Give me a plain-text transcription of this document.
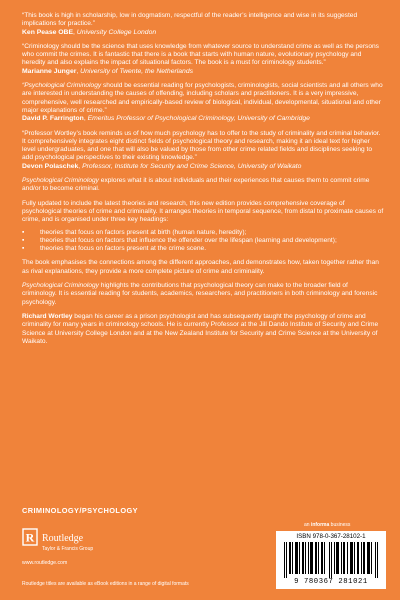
“This book is high in scholarship, low in dogmatism, respectful of the reader’s intelligence and wise in its suggested implications for practice.”
Ken Pease OBE, University College London

“Criminology should be the science that uses knowledge from whatever source to understand crime as well as the persons who commit the crimes. It is fantastic that there is a book that starts with human nature, evolutionary psychology and heredity and also explains the impact of situational factors. The book is a must for criminology students.”
Marianne Junger, University of Twente, the Netherlands

“Psychological Criminology should be essential reading for psychologists, criminologists, social scientists and all others who are interested in understanding the causes of offending, including scholars and practitioners. It is a very impressive, comprehensive, well researched and empirically-based review of biological, individual, developmental, situational and other major explanations of crime.”
David P. Farrington, Emeritus Professor of Psychological Criminology, University of Cambridge

“Professor Wortley’s book reminds us of how much psychology has to offer to the study of criminality and criminal behavior. It comprehensively integrates eight distinct fields of psychological theory and research, making it an ideal text for higher level undergraduates, and one that will also be valued by those from other crime related fields and disciplines seeking to add psychological perspectives to their existing knowledge.”
Devon Polaschek, Professor, Institute for Security and Crime Science, University of Waikato

Psychological Criminology explores what it is about individuals and their experiences that causes them to commit crime and/or to become criminal.

Fully updated to include the latest theories and research, this new edition provides comprehensive coverage of psychological theories of crime and criminality. It arranges theories in temporal sequence, from distal to proximate causes of crime, and is organised under three key headings:

▪ theories that focus on factors present at birth (human nature, heredity);
▪ theories that focus on factors that influence the offender over the lifespan (learning and development);
▪ theories that focus on factors present at the crime scene.

The book emphasises the connections among the different approaches, and demonstrates how, taken together rather than as rival explanations, they provide a more complete picture of crime and criminality.

Psychological Criminology highlights the contributions that psychological theory can make to the broader field of criminology. It is essential reading for students, academics, researchers, and practitioners in both criminology and forensic psychology.

Richard Wortley began his career as a prison psychologist and has subsequently taught the psychology of crime and criminality for many years in criminology schools. He is currently Professor at the Jill Dando Institute of Security and Crime Science at University College London and at the New Zealand Institute for Security and Crime Science at the University of Waikato.

CRIMINOLOGY/PSYCHOLOGY
an informa business
R Routledge
Taylor & Francis Group
www.routledge.com
Routledge titles are available as eBook editions in a range of digital formats
ISBN 978-0-367-28102-1
9 780367 281021
